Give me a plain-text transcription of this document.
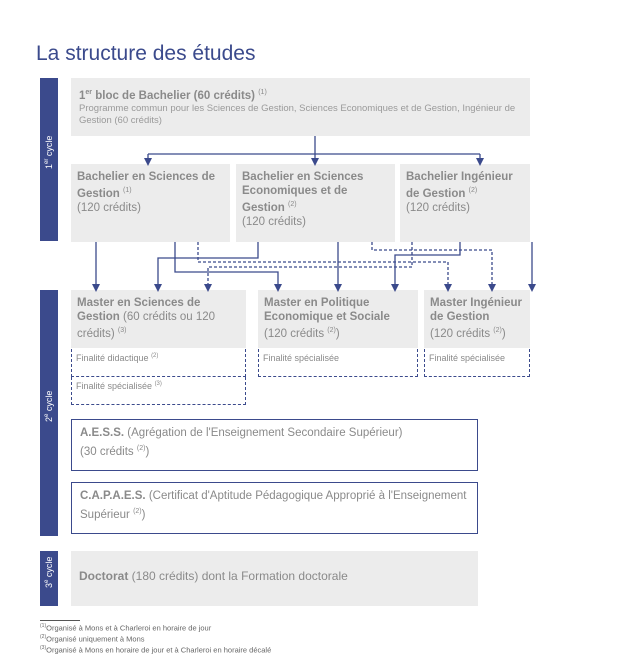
La structure des études
1er cycle
2e cycle
3e cycle
1er bloc de Bachelier (60 crédits) $^{(1)}$
Programme commun pour les Sciences de Gestion, Sciences Economiques et de Gestion, Ingénieur de Gestion (60 crédits)
Bachelier en Sciences de Gestion $^{(1)}$
(120 crédits)
Bachelier en Sciences Economiques et de Gestion $^{(2)}$
(120 crédits)
Bachelier Ingénieur de Gestion $^{(2)}$
(120 crédits)
Master en Sciences de Gestion (60 crédits ou 120 crédits) $^{(3)}$
Master en Politique Economique et Sociale
(120 crédits $^{(2)}$)
Master Ingénieur de Gestion
(120 crédits $^{(2)}$)
Finalité didactique $^{(2)}$
Finalité spécialisée $^{(3)}$
Finalité spécialisée	Finalité spécialisée
A.E.S.S. (Agrégation de l'Enseignement Secondaire Supérieur)
(30 crédits $^{(2)}$)
C.A.P.A.E.S. (Certificat d'Aptitude Pédagogique Approprié à l'Enseignement Supérieur $^{(2)}$)
Doctorat (180 crédits) dont la Formation doctorale
$^{(1)}$Organisé à Mons et à Charleroi en horaire de jour
$^{(2)}$Organisé uniquement à Mons
$^{(3)}$Organisé à Mons en horaire de jour et à Charleroi en horaire décalé
